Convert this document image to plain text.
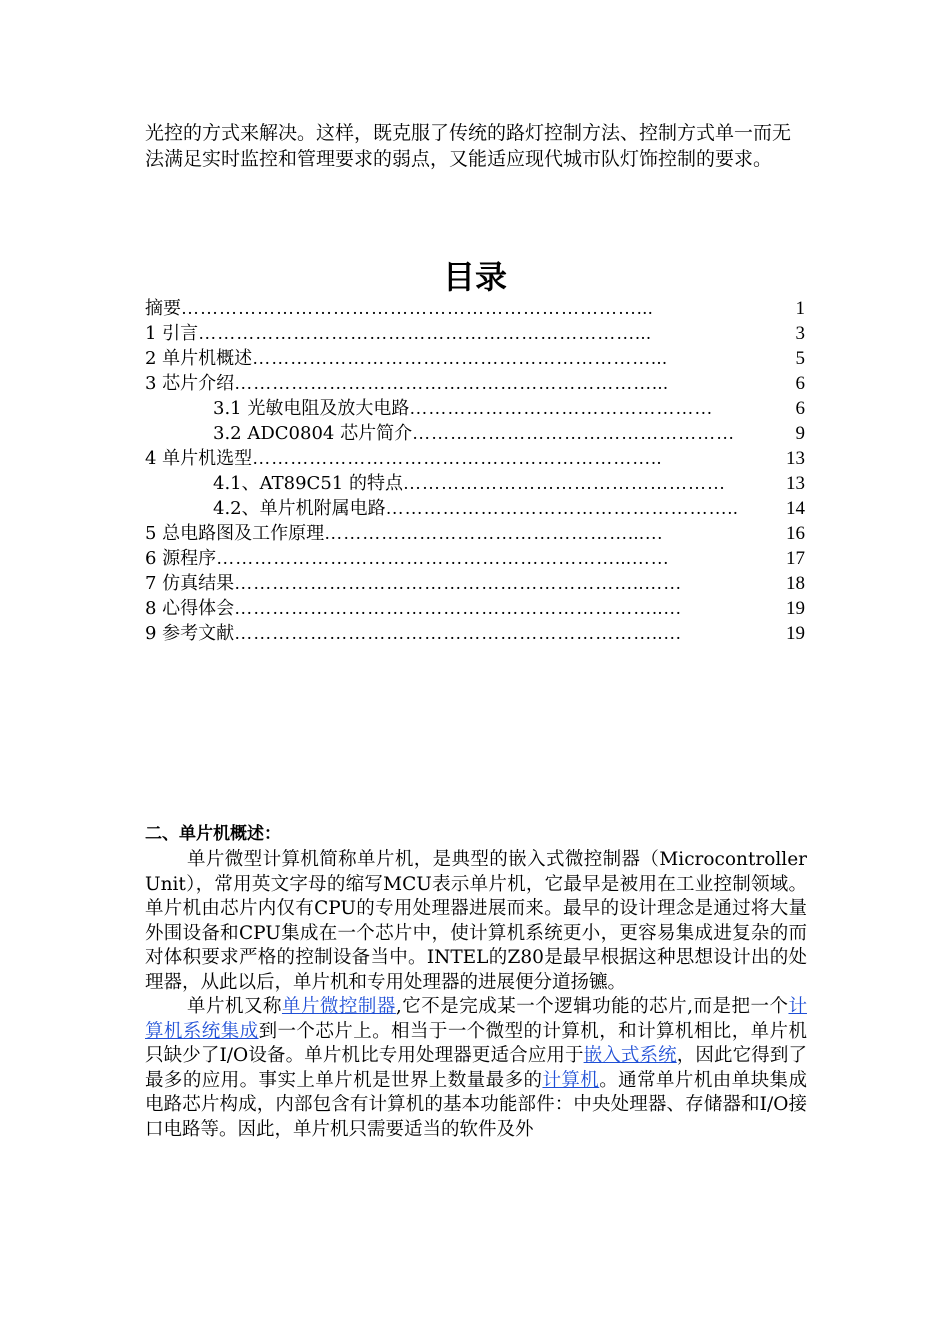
光控的方式来解决。这样，既克服了传统的路灯控制方法、控制方式单一而无法满足实时监控和管理要求的弱点，又能适应现代城市队灯饰控制的要求。
目录
摘要 ………………………………………………………………...	1
1 引言 ……………………………………………………………...	3
2 单片机概述 ………………………………………………………...	5
3 芯片介绍 …………………………………………………………...	6
3.1 光敏电阻及放大电路 …………………………………………	6
3.2 ADC0804 芯片简介 ……………………………………………	9
4 单片机选型 ………………………………………………………..	13
4.1、AT89C51 的特点 ……………………………………………	13
4.2、单片机附属电路 ………………………………………………..	14
5 总电路图及工作原理 …………………………………………...…	16
6 源程序 ………………………………………………………...……	17
7 仿真结果 ………………………………………………………..……	18
8 心得体会 …………………………………………………………..…	19
9 参考文献 …………………………………………………………..…	19
二、单片机概述：

单片微型计算机简称单片机，是典型的嵌入式微控制器（Microcontroller Unit），常用英文字母的缩写MCU表示单片机，它最早是被用在工业控制领域。单片机由芯片内仅有CPU的专用处理器进展而来。最早的设计理念是通过将大量外围设备和CPU集成在一个芯片中，使计算机系统更小，更容易集成进复杂的而对体积要求严格的控制设备当中。INTEL的Z80是最早根据这种思想设计出的处理器，从此以后，单片机和专用处理器的进展便分道扬镳。

单片机又称单片微控制器,它不是完成某一个逻辑功能的芯片,而是把一个计算机系统集成到一个芯片上。相当于一个微型的计算机，和计算机相比，单片机只缺少了I/O设备。单片机比专用处理器更适合应用于嵌入式系统，因此它得到了最多的应用。事实上单片机是世界上数量最多的计算机。通常单片机由单块集成电路芯片构成，内部包含有计算机的基本功能部件：中央处理器、存储器和I/O接口电路等。因此，单片机只需要适当的软件及外
